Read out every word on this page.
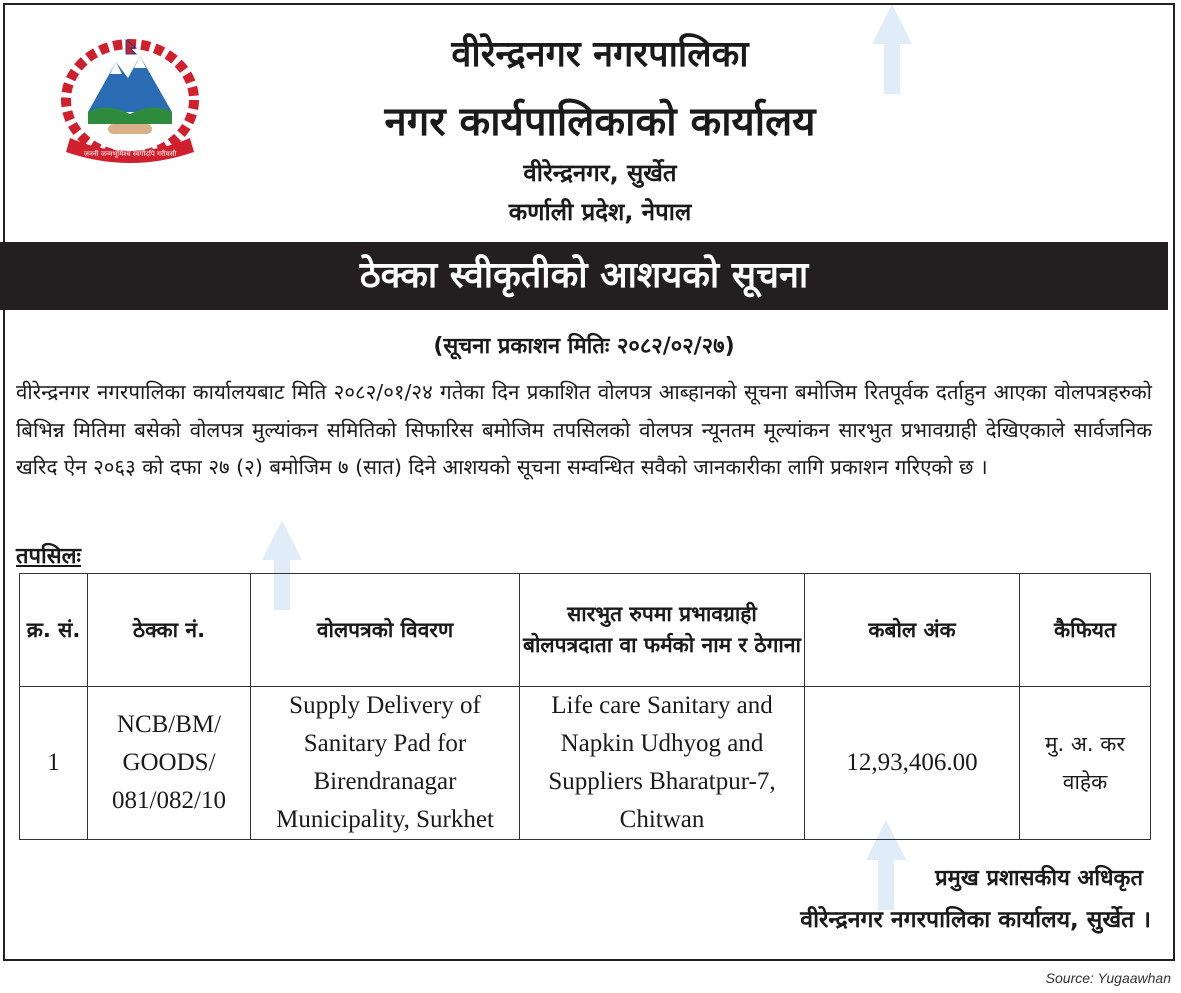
जननी जन्मभूमिश्च स्वर्गादपि गरीयसी
वीरेन्द्रनगर नगरपालिका
नगर कार्यपालिकाको कार्यालय
वीरेन्द्रनगर, सुर्खेत
कर्णाली प्रदेश, नेपाल
ठेक्का स्वीकृतीको आशयको सूचना
(सूचना प्रकाशन मितिः २०८२/०२/२७)
वीरेन्द्रनगर नगरपालिका कार्यालयबाट मिति २०८२/०१/२४ गतेका दिन प्रकाशित वोलपत्र आब्हानको सूचना बमोजिम रितपूर्वक दर्ताहुन आएका वोलपत्रहरुको बिभिन्न मितिमा बसेको वोलपत्र मुल्यांकन समितिको सिफारिस बमोजिम तपसिलको वोलपत्र न्यूनतम मूल्यांकन सारभुत प्रभावग्राही देखिएकाले सार्वजनिक खरिद ऐन २०६३ को दफा २७ (२) बमोजिम ७ (सात) दिने आशयको सूचना सम्वन्धित सवैको जानकारीका लागि प्रकाशन गरिएको छ ।
तपसिलः
क्र. सं.	ठेक्का नं.	वोलपत्रको विवरण	सारभुत रुपमा प्रभावग्राही बोलपत्रदाता वा फर्मको नाम र ठेगाना	कबोल अंक	कैफियत
1	NCB/BM/ GOODS/ 081/082/10	Supply Delivery of Sanitary Pad for Birendranagar Municipality, Surkhet	Life care Sanitary and Napkin Udhyog and Suppliers Bharatpur-7, Chitwan	12,93,406.00	मु. अ. कर वाहेक
प्रमुख प्रशासकीय अधिकृत
वीरेन्द्रनगर नगरपालिका कार्यालय, सुर्खेत ।
Source: Yugaawhan
